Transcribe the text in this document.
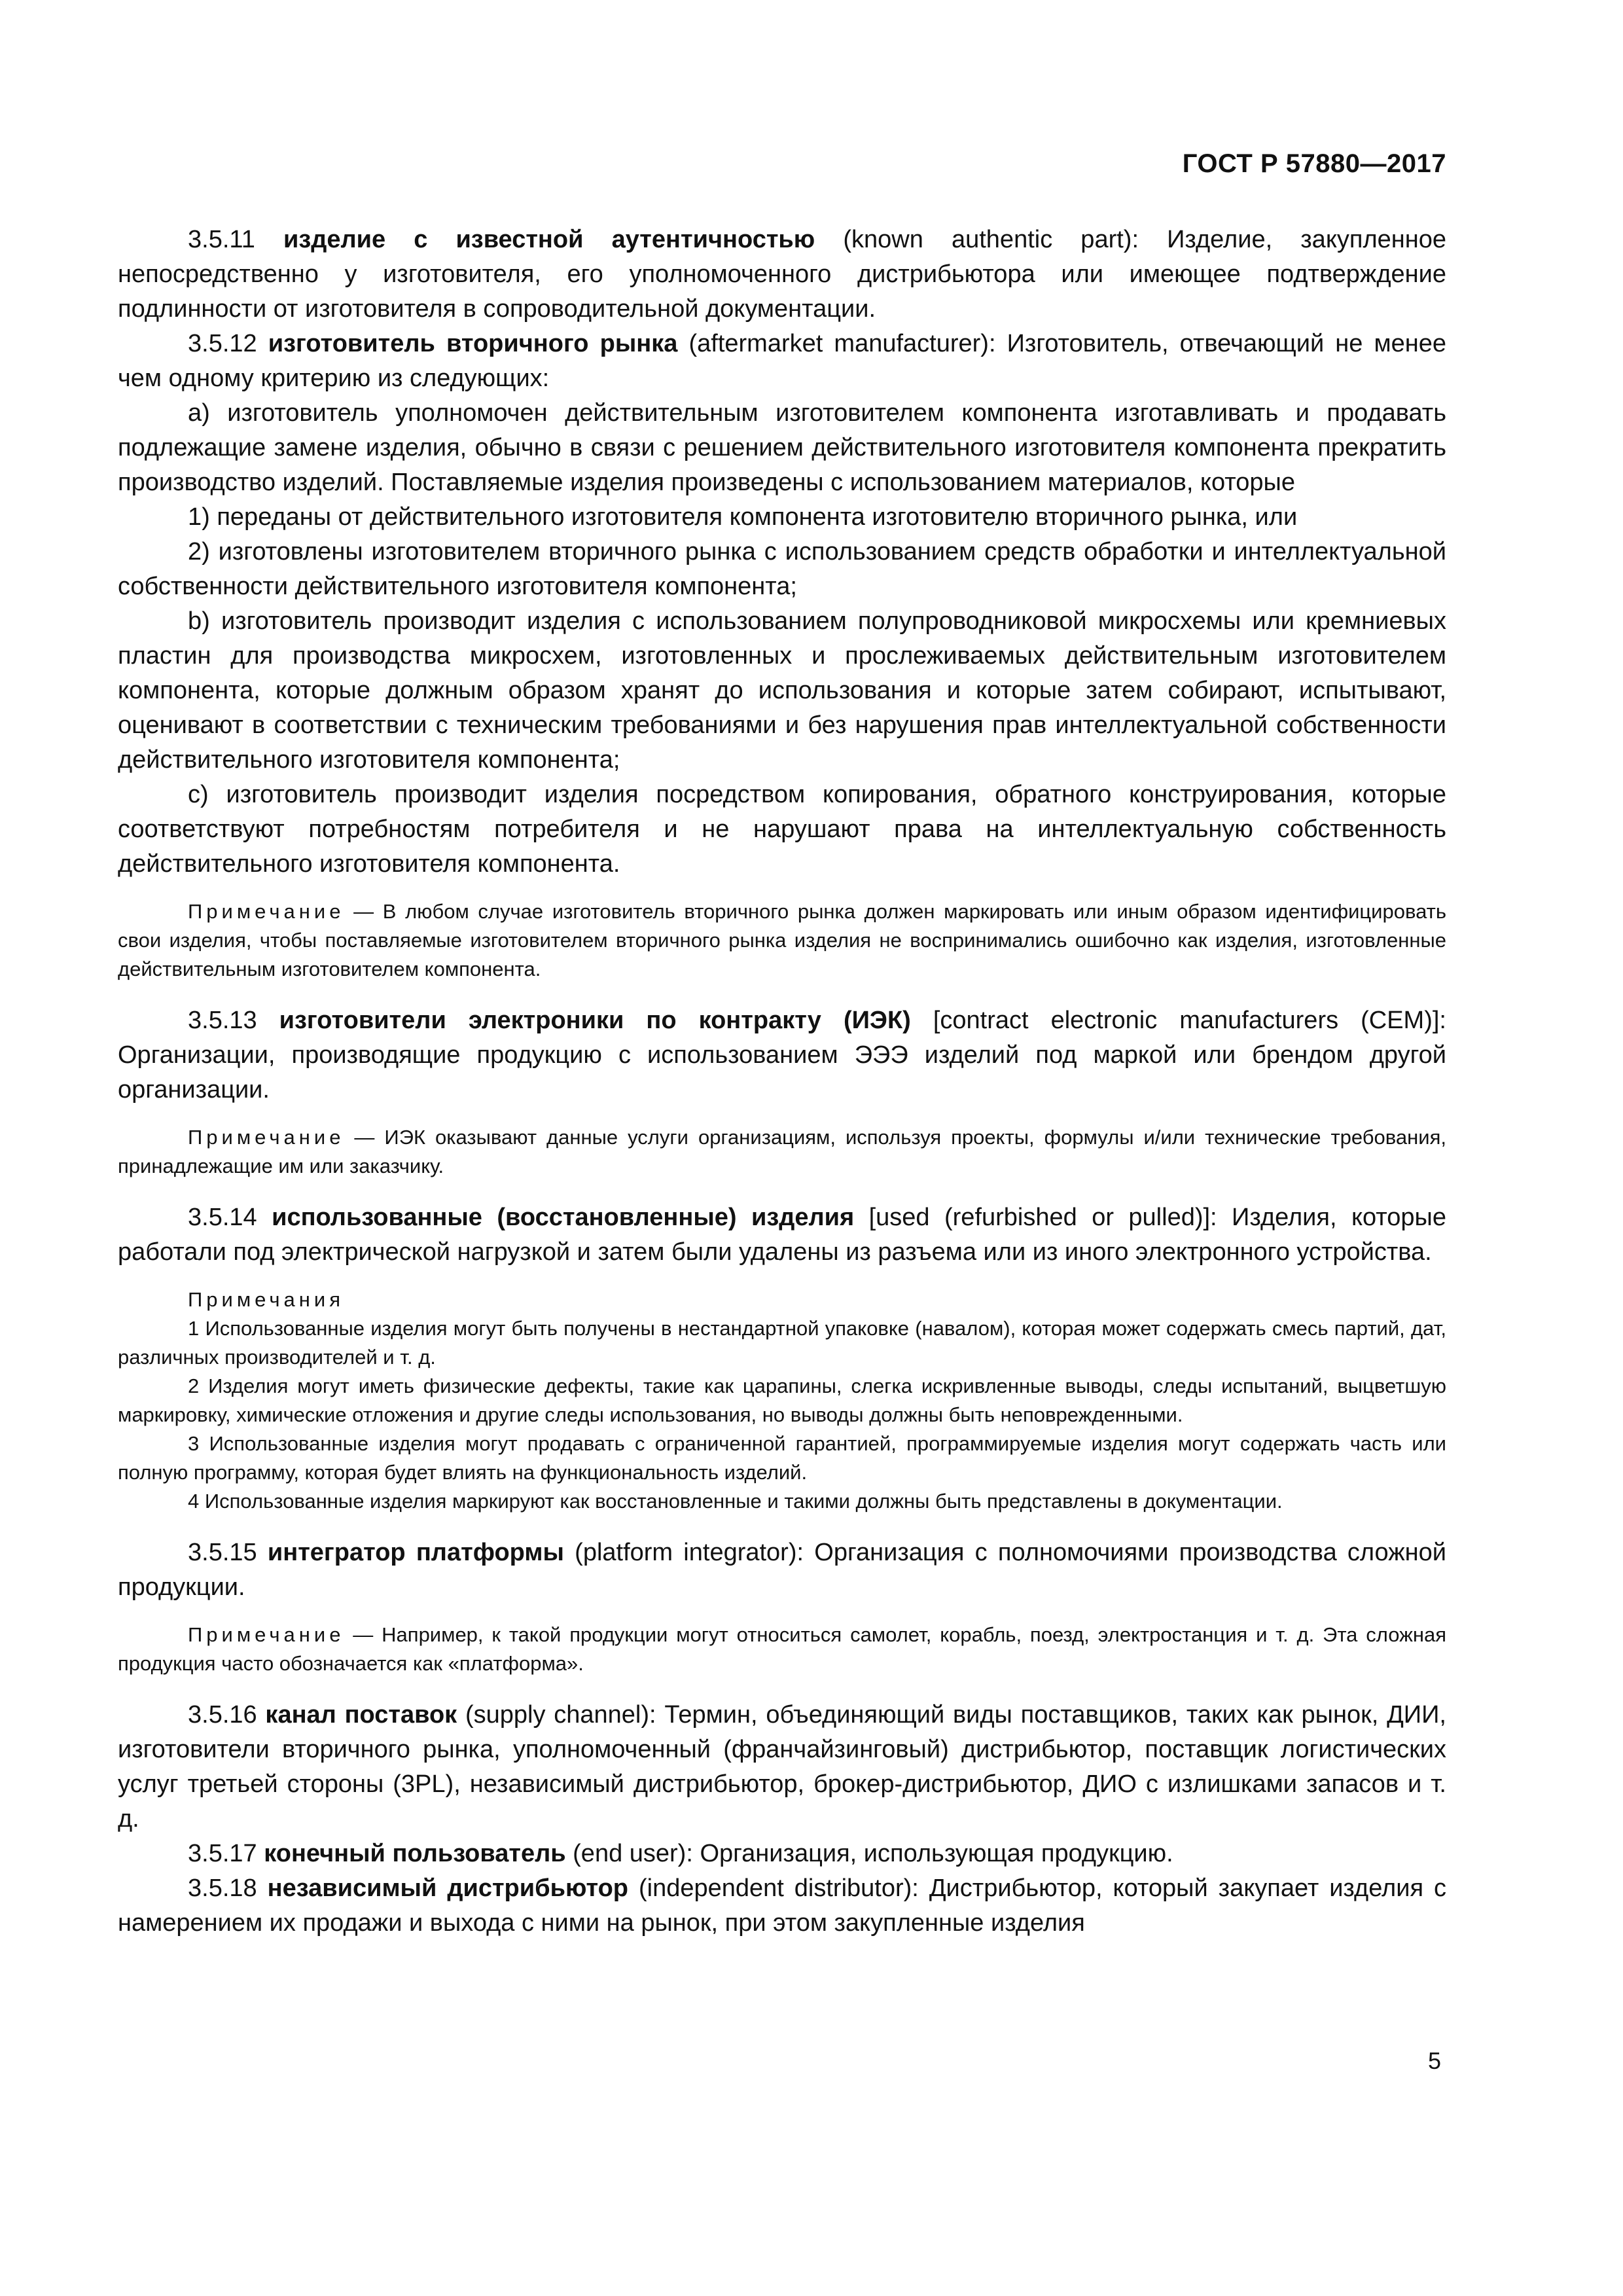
ГОСТ Р 57880—2017

3.5.11 изделие с известной аутентичностью (known authentic part): Изделие, закупленное непосредственно у изготовителя, его уполномоченного дистрибьютора или имеющее подтверждение подлинности от изготовителя в сопроводительной документации.

3.5.12 изготовитель вторичного рынка (aftermarket manufacturer): Изготовитель, отвечающий не менее чем одному критерию из следующих:

а) изготовитель уполномочен действительным изготовителем компонента изготавливать и продавать подлежащие замене изделия, обычно в связи с решением действительного изготовителя компонента прекратить производство изделий. Поставляемые изделия произведены с использованием материалов, которые

1) переданы от действительного изготовителя компонента изготовителю вторичного рынка, или

2) изготовлены изготовителем вторичного рынка с использованием средств обработки и интеллектуальной собственности действительного изготовителя компонента;

b) изготовитель производит изделия с использованием полупроводниковой микросхемы или кремниевых пластин для производства микросхем, изготовленных и прослеживаемых действительным изготовителем компонента, которые должным образом хранят до использования и которые затем собирают, испытывают, оценивают в соответствии с техническим требованиями и без нарушения прав интеллектуальной собственности действительного изготовителя компонента;

с) изготовитель производит изделия посредством копирования, обратного конструирования, которые соответствуют потребностям потребителя и не нарушают права на интеллектуальную собственность действительного изготовителя компонента.

Примечание — В любом случае изготовитель вторичного рынка должен маркировать или иным образом идентифицировать свои изделия, чтобы поставляемые изготовителем вторичного рынка изделия не воспринимались ошибочно как изделия, изготовленные действительным изготовителем компонента.

3.5.13 изготовители электроники по контракту (ИЭК) [contract electronic manufacturers (CEM)]: Организации, производящие продукцию с использованием ЭЭЭ изделий под маркой или брендом другой организации.

Примечание — ИЭК оказывают данные услуги организациям, используя проекты, формулы и/или технические требования, принадлежащие им или заказчику.

3.5.14 использованные (восстановленные) изделия [used (refurbished or pulled)]: Изделия, которые работали под электрической нагрузкой и затем были удалены из разъема или из иного электронного устройства.

Примечания

1 Использованные изделия могут быть получены в нестандартной упаковке (навалом), которая может содержать смесь партий, дат, различных производителей и т. д.

2 Изделия могут иметь физические дефекты, такие как царапины, слегка искривленные выводы, следы испытаний, выцветшую маркировку, химические отложения и другие следы использования, но выводы должны быть неповрежденными.

3 Использованные изделия могут продавать с ограниченной гарантией, программируемые изделия могут содержать часть или полную программу, которая будет влиять на функциональность изделий.

4 Использованные изделия маркируют как восстановленные и такими должны быть представлены в документации.

3.5.15 интегратор платформы (platform integrator): Организация с полномочиями производства сложной продукции.

Примечание — Например, к такой продукции могут относиться самолет, корабль, поезд, электростанция и т. д. Эта сложная продукция часто обозначается как «платформа».

3.5.16 канал поставок (supply channel): Термин, объединяющий виды поставщиков, таких как рынок, ДИИ, изготовители вторичного рынка, уполномоченный (франчайзинговый) дистрибьютор, поставщик логистических услуг третьей стороны (3PL), независимый дистрибьютор, брокер-дистрибьютор, ДИО с излишками запасов и т. д.

3.5.17 конечный пользователь (end user): Организация, использующая продукцию.

3.5.18 независимый дистрибьютор (independent distributor): Дистрибьютор, который закупает изделия с намерением их продажи и выхода с ними на рынок, при этом закупленные изделия

5
